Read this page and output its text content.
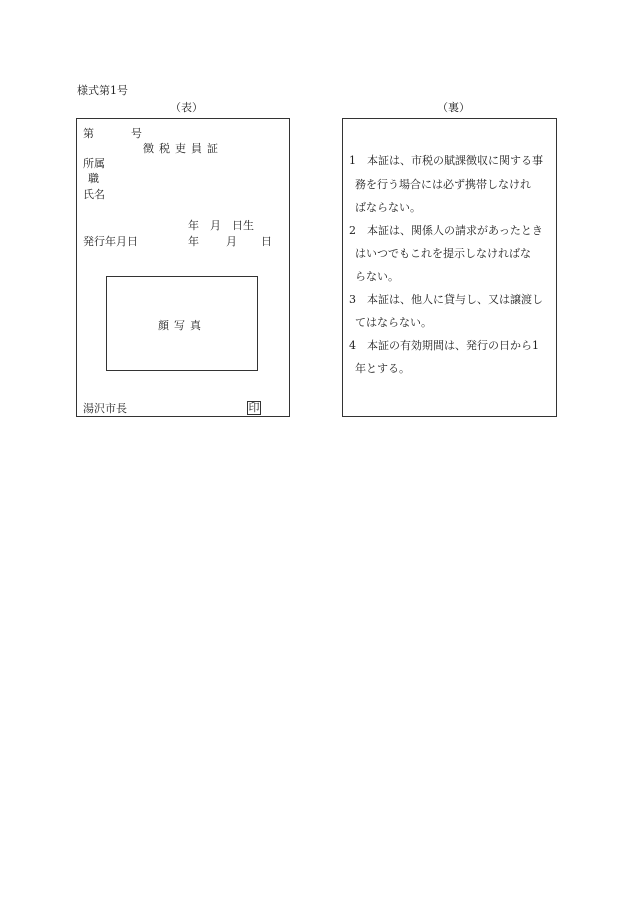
様式第1号
（表）	（裏）
第	号
徴税吏員証
所属
職
氏名
年　月　日生
発行年月日	年 月 日
顔写真
湯沢市長	印
1　本証は、市税の賦課徴収に関する事
務を行う場合には必ず携帯しなけれ
ばならない。
2　本証は、関係人の請求があったとき
はいつでもこれを提示しなければな
らない。
3　本証は、他人に貸与し、又は譲渡し
てはならない。
4　本証の有効期間は、発行の日から1
年とする。
